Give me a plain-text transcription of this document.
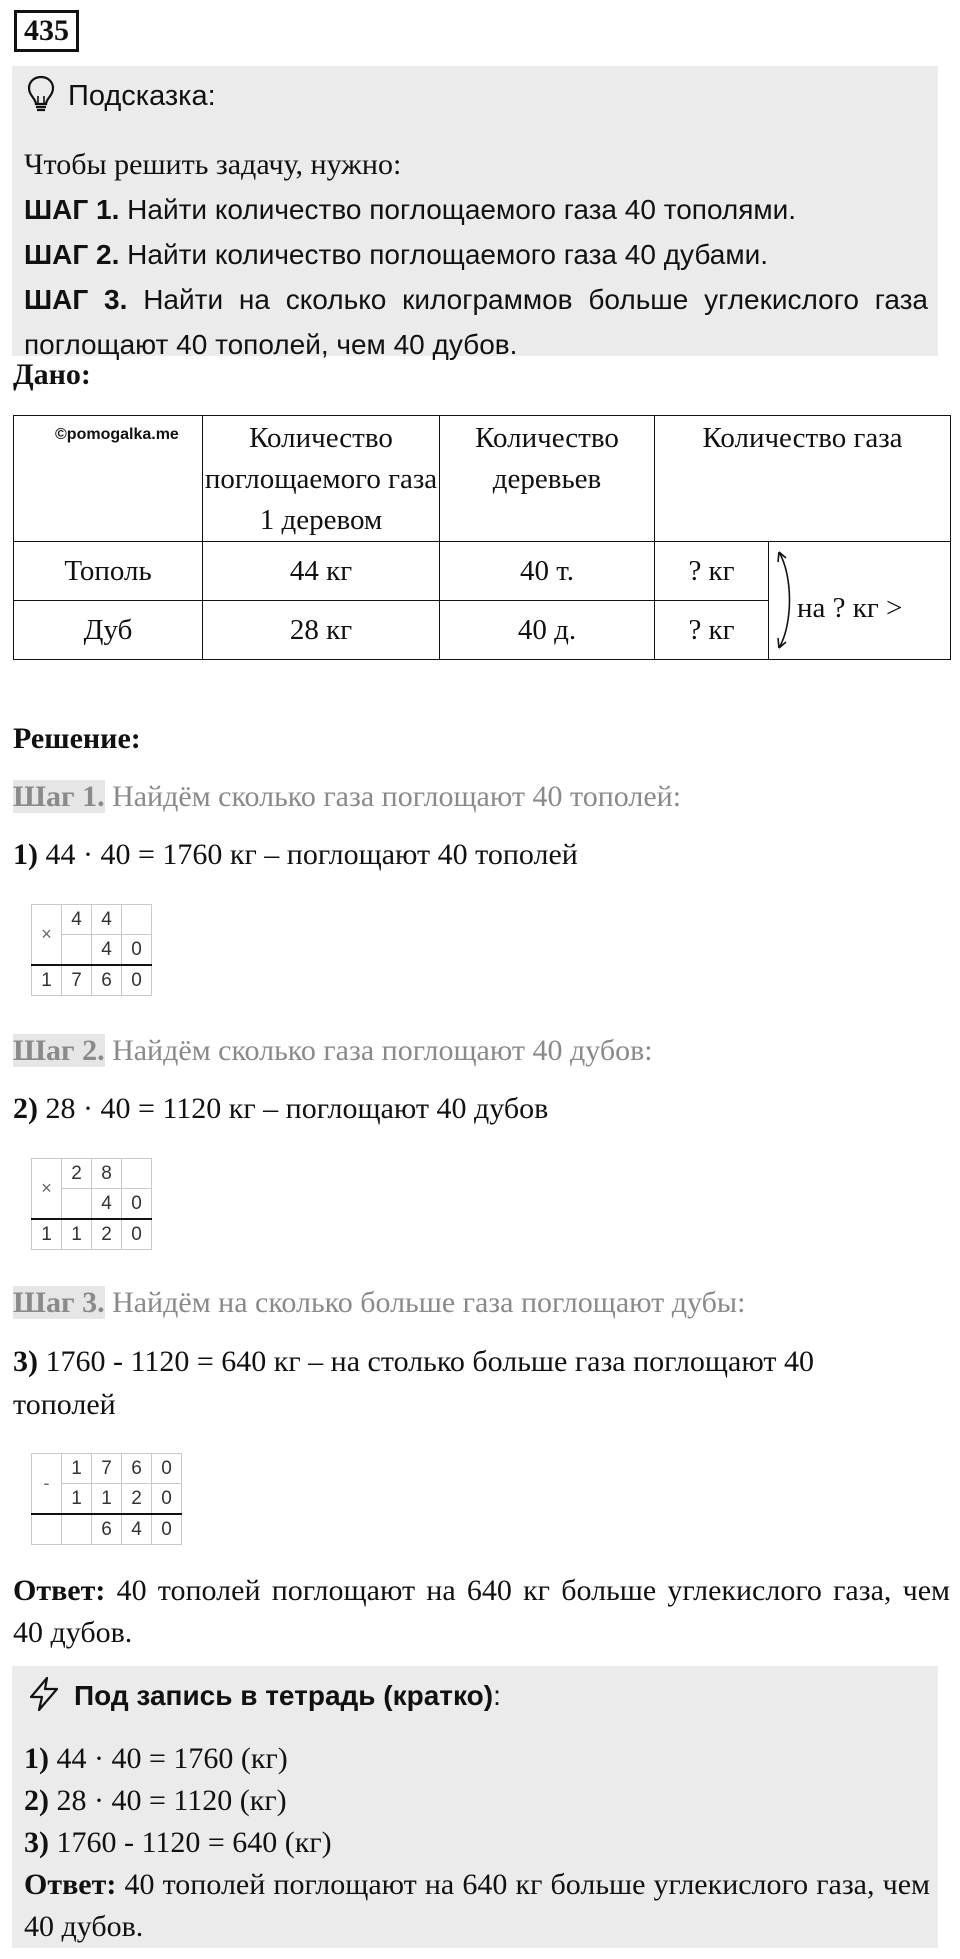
435
Подсказка:

Чтобы решить задачу, нужно:

ШАГ 1. Найти количество поглощаемого газа 40 тополями.

ШАГ 2. Найти количество поглощаемого газа 40 дубами.

ШАГ 3. Найти на сколько килограммов больше углекислого газа поглощают 40 тополей, чем 40 дубов.

Дано:
	Количество поглощаемого газа 1 деревом	Количество деревьев	Количество газа	
Тополь	44 кг	40 т.	? кг	на ? кг >

Дуб	28 кг	40 д.	? кг	
©pomogalka.me
Решение:
Шаг 1. Найдём сколько газа поглощают 40 тополей:
1) 44 · 40 = 1760 кг – поглощают 40 тополей
×	4	4	
		4	0
1	7	6	0
Шаг 2. Найдём сколько газа поглощают 40 дубов:
2) 28 · 40 = 1120 кг – поглощают 40 дубов
×	2	8	
		4	0
1	1	2	0
Шаг 3. Найдём на сколько больше газа поглощают дубы:
3) 1760 - 1120 = 640 кг – на столько больше газа поглощают 40
тополей
-	1	7	6	0
	1	1	2	0
		6	4	0
Ответ: 40 тополей поглощают на 640 кг больше углекислого газа, чем 40 дубов.
Под запись в тетрадь (кратко) :

1) 44 · 40 = 1760 (кг)

2) 28 · 40 = 1120 (кг)

3) 1760 - 1120 = 640 (кг)

Ответ: 40 тополей поглощают на 640 кг больше углекислого газа, чем 40 дубов.
